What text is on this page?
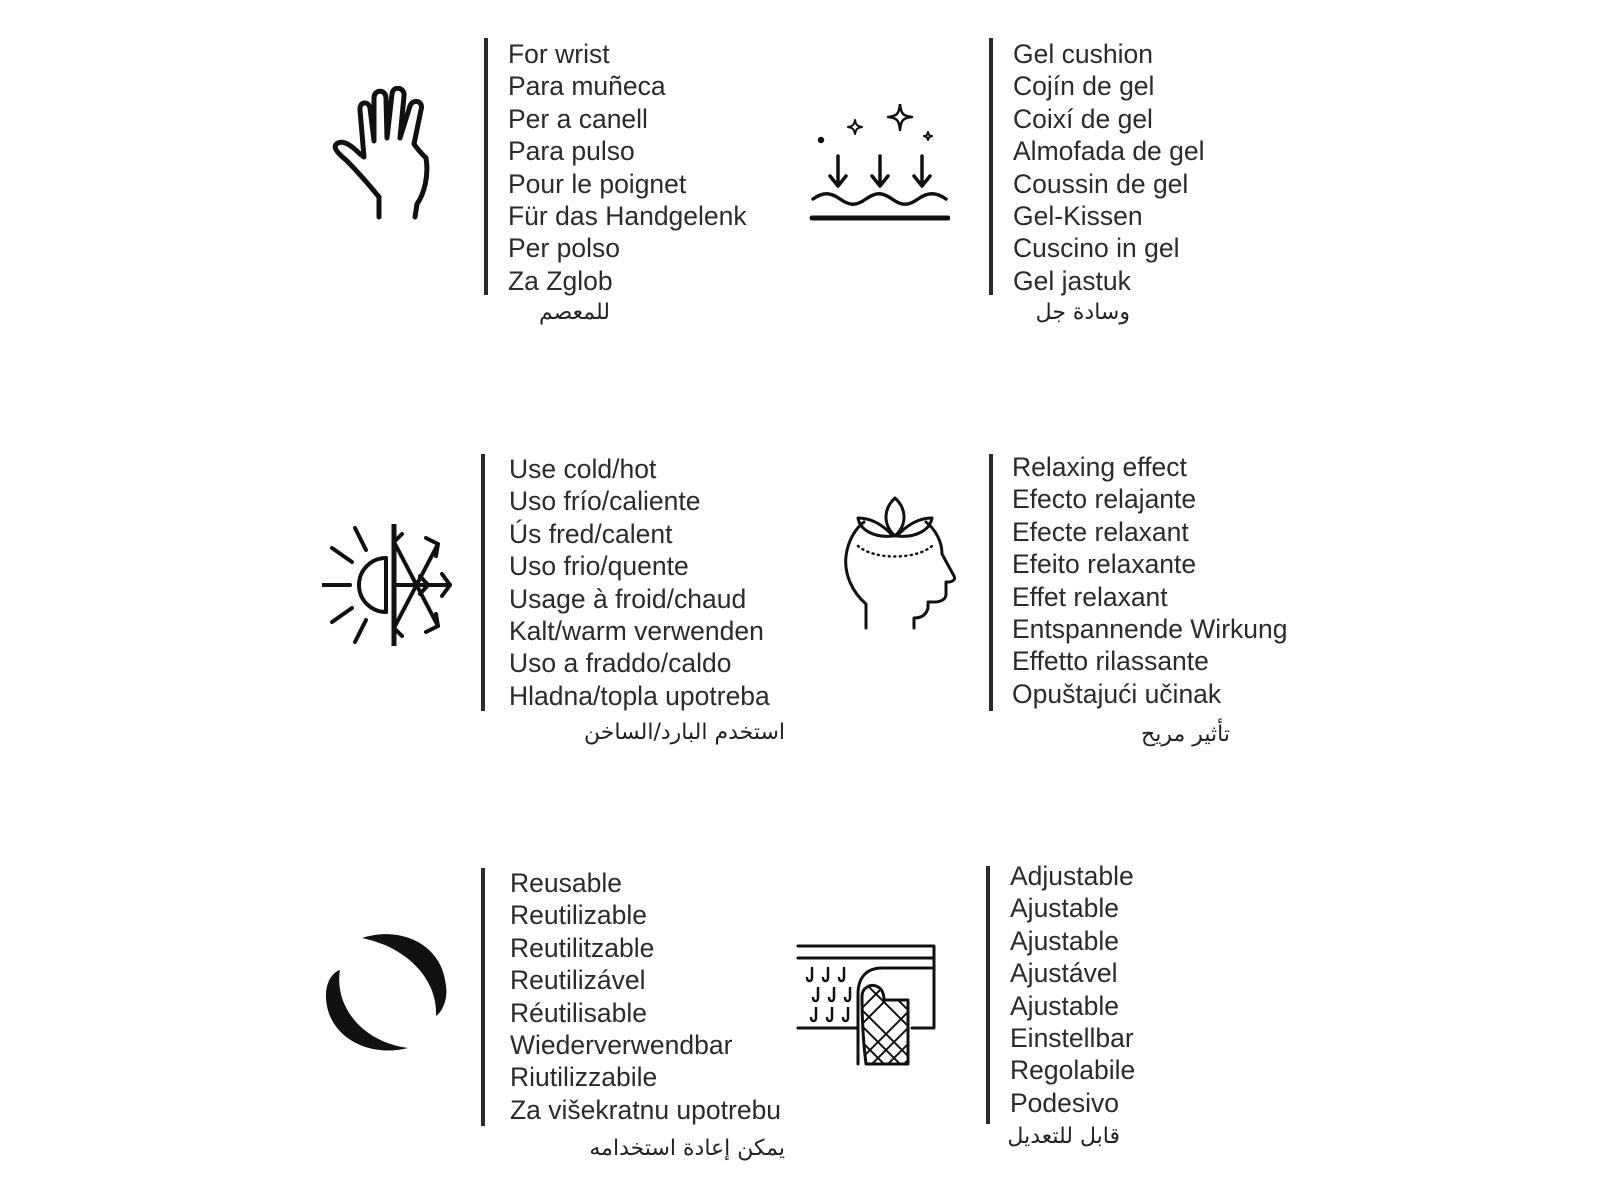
For wrist
Para muñeca
Per a canell
Para pulso
Pour le poignet
Für das Handgelenk
Per polso
Za Zglob
للمعصم
Gel cushion
Cojín de gel
Coixí de gel
Almofada de gel
Coussin de gel
Gel-Kissen
Cuscino in gel
Gel jastuk
وسادة جل
Use cold/hot
Uso frío/caliente
Ús fred/calent
Uso frio/quente
Usage à froid/chaud
Kalt/warm verwenden
Uso a fraddo/caldo
Hladna/topla upotreba
استخدم البارد/الساخن
Relaxing effect
Efecto relajante
Efecte relaxant
Efeito relaxante
Effet relaxant
Entspannende Wirkung
Effetto rilassante
Opuštajući učinak
تأثير مريح
Reusable
Reutilizable
Reutilitzable
Reutilizável
Réutilisable
Wiederverwendbar
Riutilizzabile
Za višekratnu upotrebu
يمكن إعادة استخدامه
Adjustable
Ajustable
Ajustable
Ajustável
Ajustable
Einstellbar
Regolabile
Podesivo
قابل للتعديل
